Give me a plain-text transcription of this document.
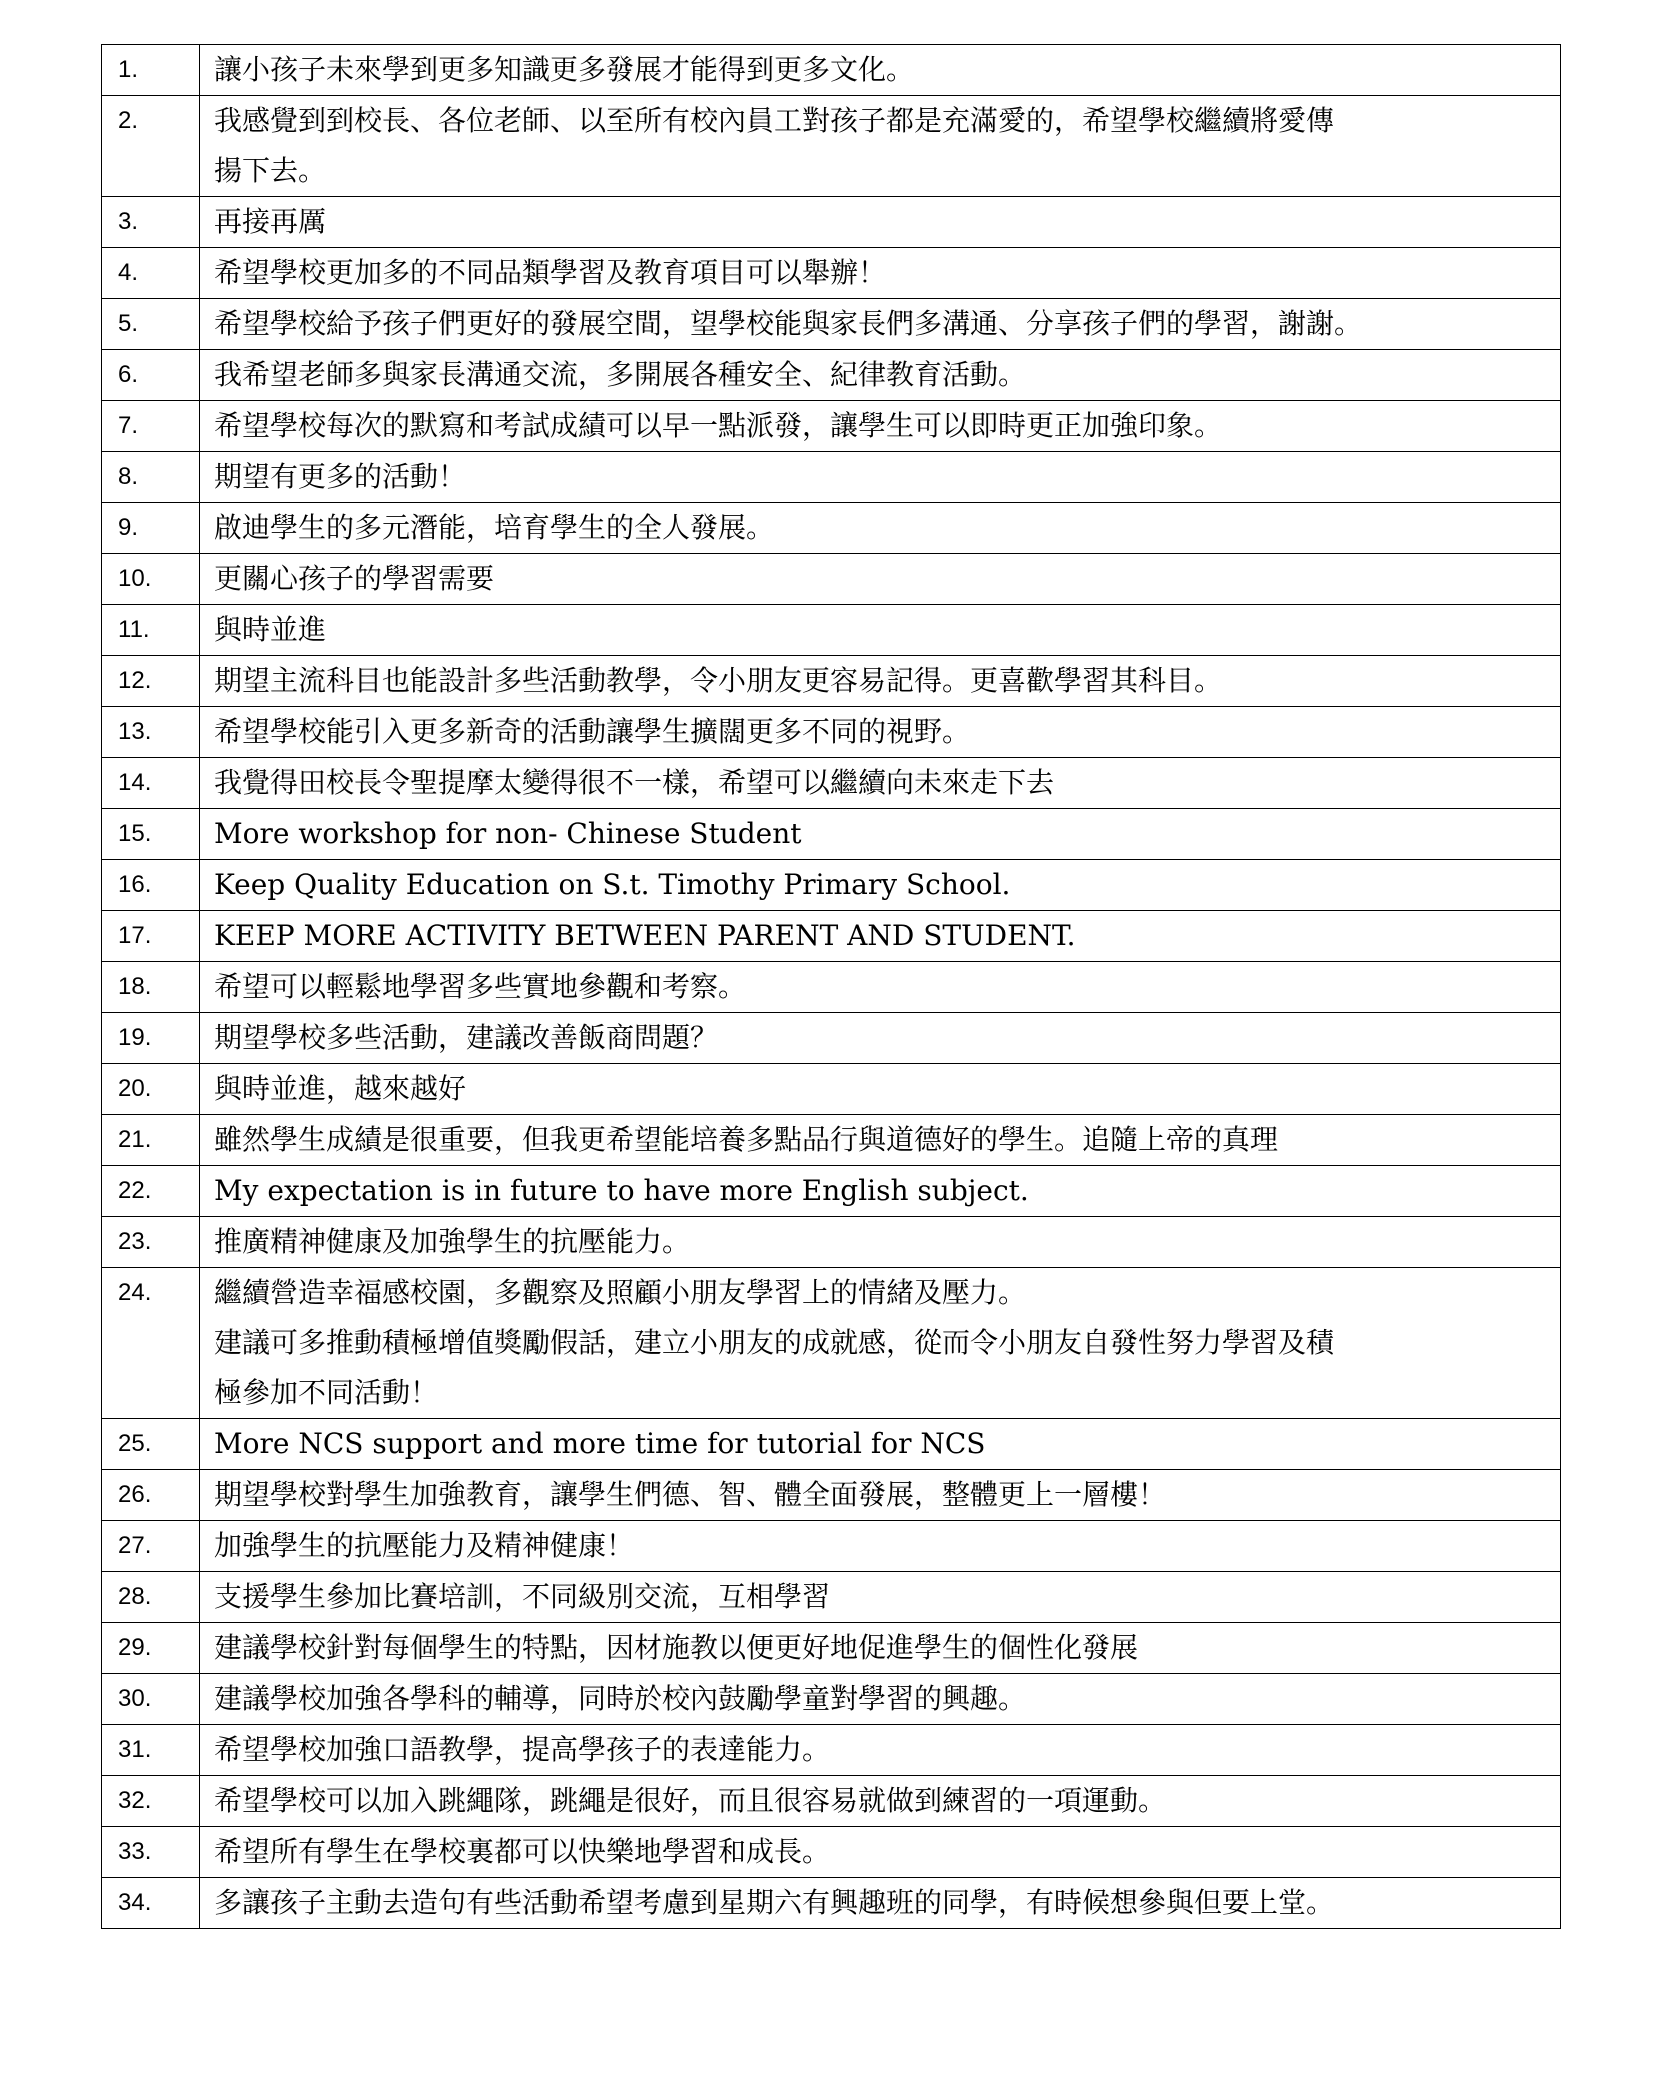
1.	讓小孩子未來學到更多知識更多發展才能得到更多文化。

2.	我感覺到到校長、各位老師、以至所有校內員工對孩子都是充滿愛的，希望學校繼續將愛傳
揚下去。

3.	再接再厲

4.	希望學校更加多的不同品類學習及教育項目可以舉辦！

5.	希望學校給予孩子們更好的發展空間，望學校能與家長們多溝通、分享孩子們的學習，謝謝。

6.	我希望老師多與家長溝通交流，多開展各種安全、紀律教育活動。

7.	希望學校每次的默寫和考試成績可以早一點派發，讓學生可以即時更正加強印象。

8.	期望有更多的活動！

9.	啟迪學生的多元潛能，培育學生的全人發展。

10.	更關心孩子的學習需要

11.	與時並進

12.	期望主流科目也能設計多些活動教學，令小朋友更容易記得。更喜歡學習其科目。

13.	希望學校能引入更多新奇的活動讓學生擴闊更多不同的視野。

14.	我覺得田校長令聖提摩太變得很不一樣，希望可以繼續向未來走下去

15.	More workshop for non- Chinese Student

16.	Keep Quality Education on S.t. Timothy Primary School.

17.	KEEP MORE ACTIVITY BETWEEN PARENT AND STUDENT.

18.	希望可以輕鬆地學習多些實地參觀和考察。

19.	期望學校多些活動，建議改善飯商問題？

20.	與時並進，越來越好

21.	雖然學生成績是很重要，但我更希望能培養多點品行與道德好的學生。追隨上帝的真理

22.	My expectation is in future to have more English subject.

23.	推廣精神健康及加強學生的抗壓能力。

24.	繼續營造幸福感校園，多觀察及照顧小朋友學習上的情緒及壓力。
建議可多推動積極增值獎勵假話，建立小朋友的成就感，從而令小朋友自發性努力學習及積
極參加不同活動！

25.	More NCS support and more time for tutorial for NCS

26.	期望學校對學生加強教育，讓學生們德、智、體全面發展，整體更上一層樓！

27.	加強學生的抗壓能力及精神健康！

28.	支援學生參加比賽培訓，不同級別交流，互相學習

29.	建議學校針對每個學生的特點，因材施教以便更好地促進學生的個性化發展

30.	建議學校加強各學科的輔導，同時於校內鼓勵學童對學習的興趣。

31.	希望學校加強口語教學，提高學孩子的表達能力。

32.	希望學校可以加入跳繩隊，跳繩是很好，而且很容易就做到練習的一項運動。

33.	希望所有學生在學校裏都可以快樂地學習和成長。

34.	多讓孩子主動去造句有些活動希望考慮到星期六有興趣班的同學，有時候想參與但要上堂。
